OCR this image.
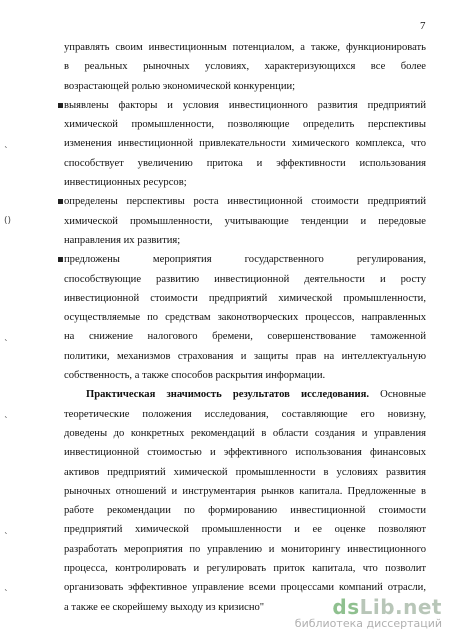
7
ˎ
()
ˎ
ˎ
ˎ
ˎ
управлять своим инвестиционным потенциалом, а также, функционировать
в реальных рыночных условиях, характеризующихся все более
возрастающей ролью экономической конкуренции;
выявлены факторы и условия инвестиционного развития предприятий
химической промышленности, позволяющие определить перспективы
изменения инвестиционной привлекательности химического комплекса, что
способствует увеличению притока и эффективности использования
инвестиционных ресурсов;
определены перспективы роста инвестиционной стоимости предприятий
химической промышленности, учитывающие тенденции и передовые
направления их развития;
предложены мероприятия государственного регулирования,
способствующие развитию инвестиционной деятельности и росту
инвестиционной стоимости предприятий химической промышленности,
осуществляемые по средствам законотворческих процессов, направленных
на снижение налогового бремени, совершенствование таможенной
политики, механизмов страхования и защиты прав на интеллектуальную
собственность, а также способов раскрытия информации.
Практическая значимость результатов исследования. Основные
теоретические положения исследования, составляющие его новизну,
доведены до конкретных рекомендаций в области создания и управления
инвестиционной стоимостью и эффективного использования финансовых
активов предприятий химической промышленности в условиях развития
рыночных отношений и инструментария рынков капитала. Предложенные в
работе рекомендации по формированию инвестиционной стоимости
предприятий химической промышленности и ее оценке позволяют
разработать мероприятия по управлению и мониторингу инвестиционного
процесса, контролировать и регулировать приток капитала, что позволит
организовать эффективное управление всеми процессами компаний отрасли,
а также ее скорейшему выходу из кризисно"	dsLib.net
библиотека диссертаций
